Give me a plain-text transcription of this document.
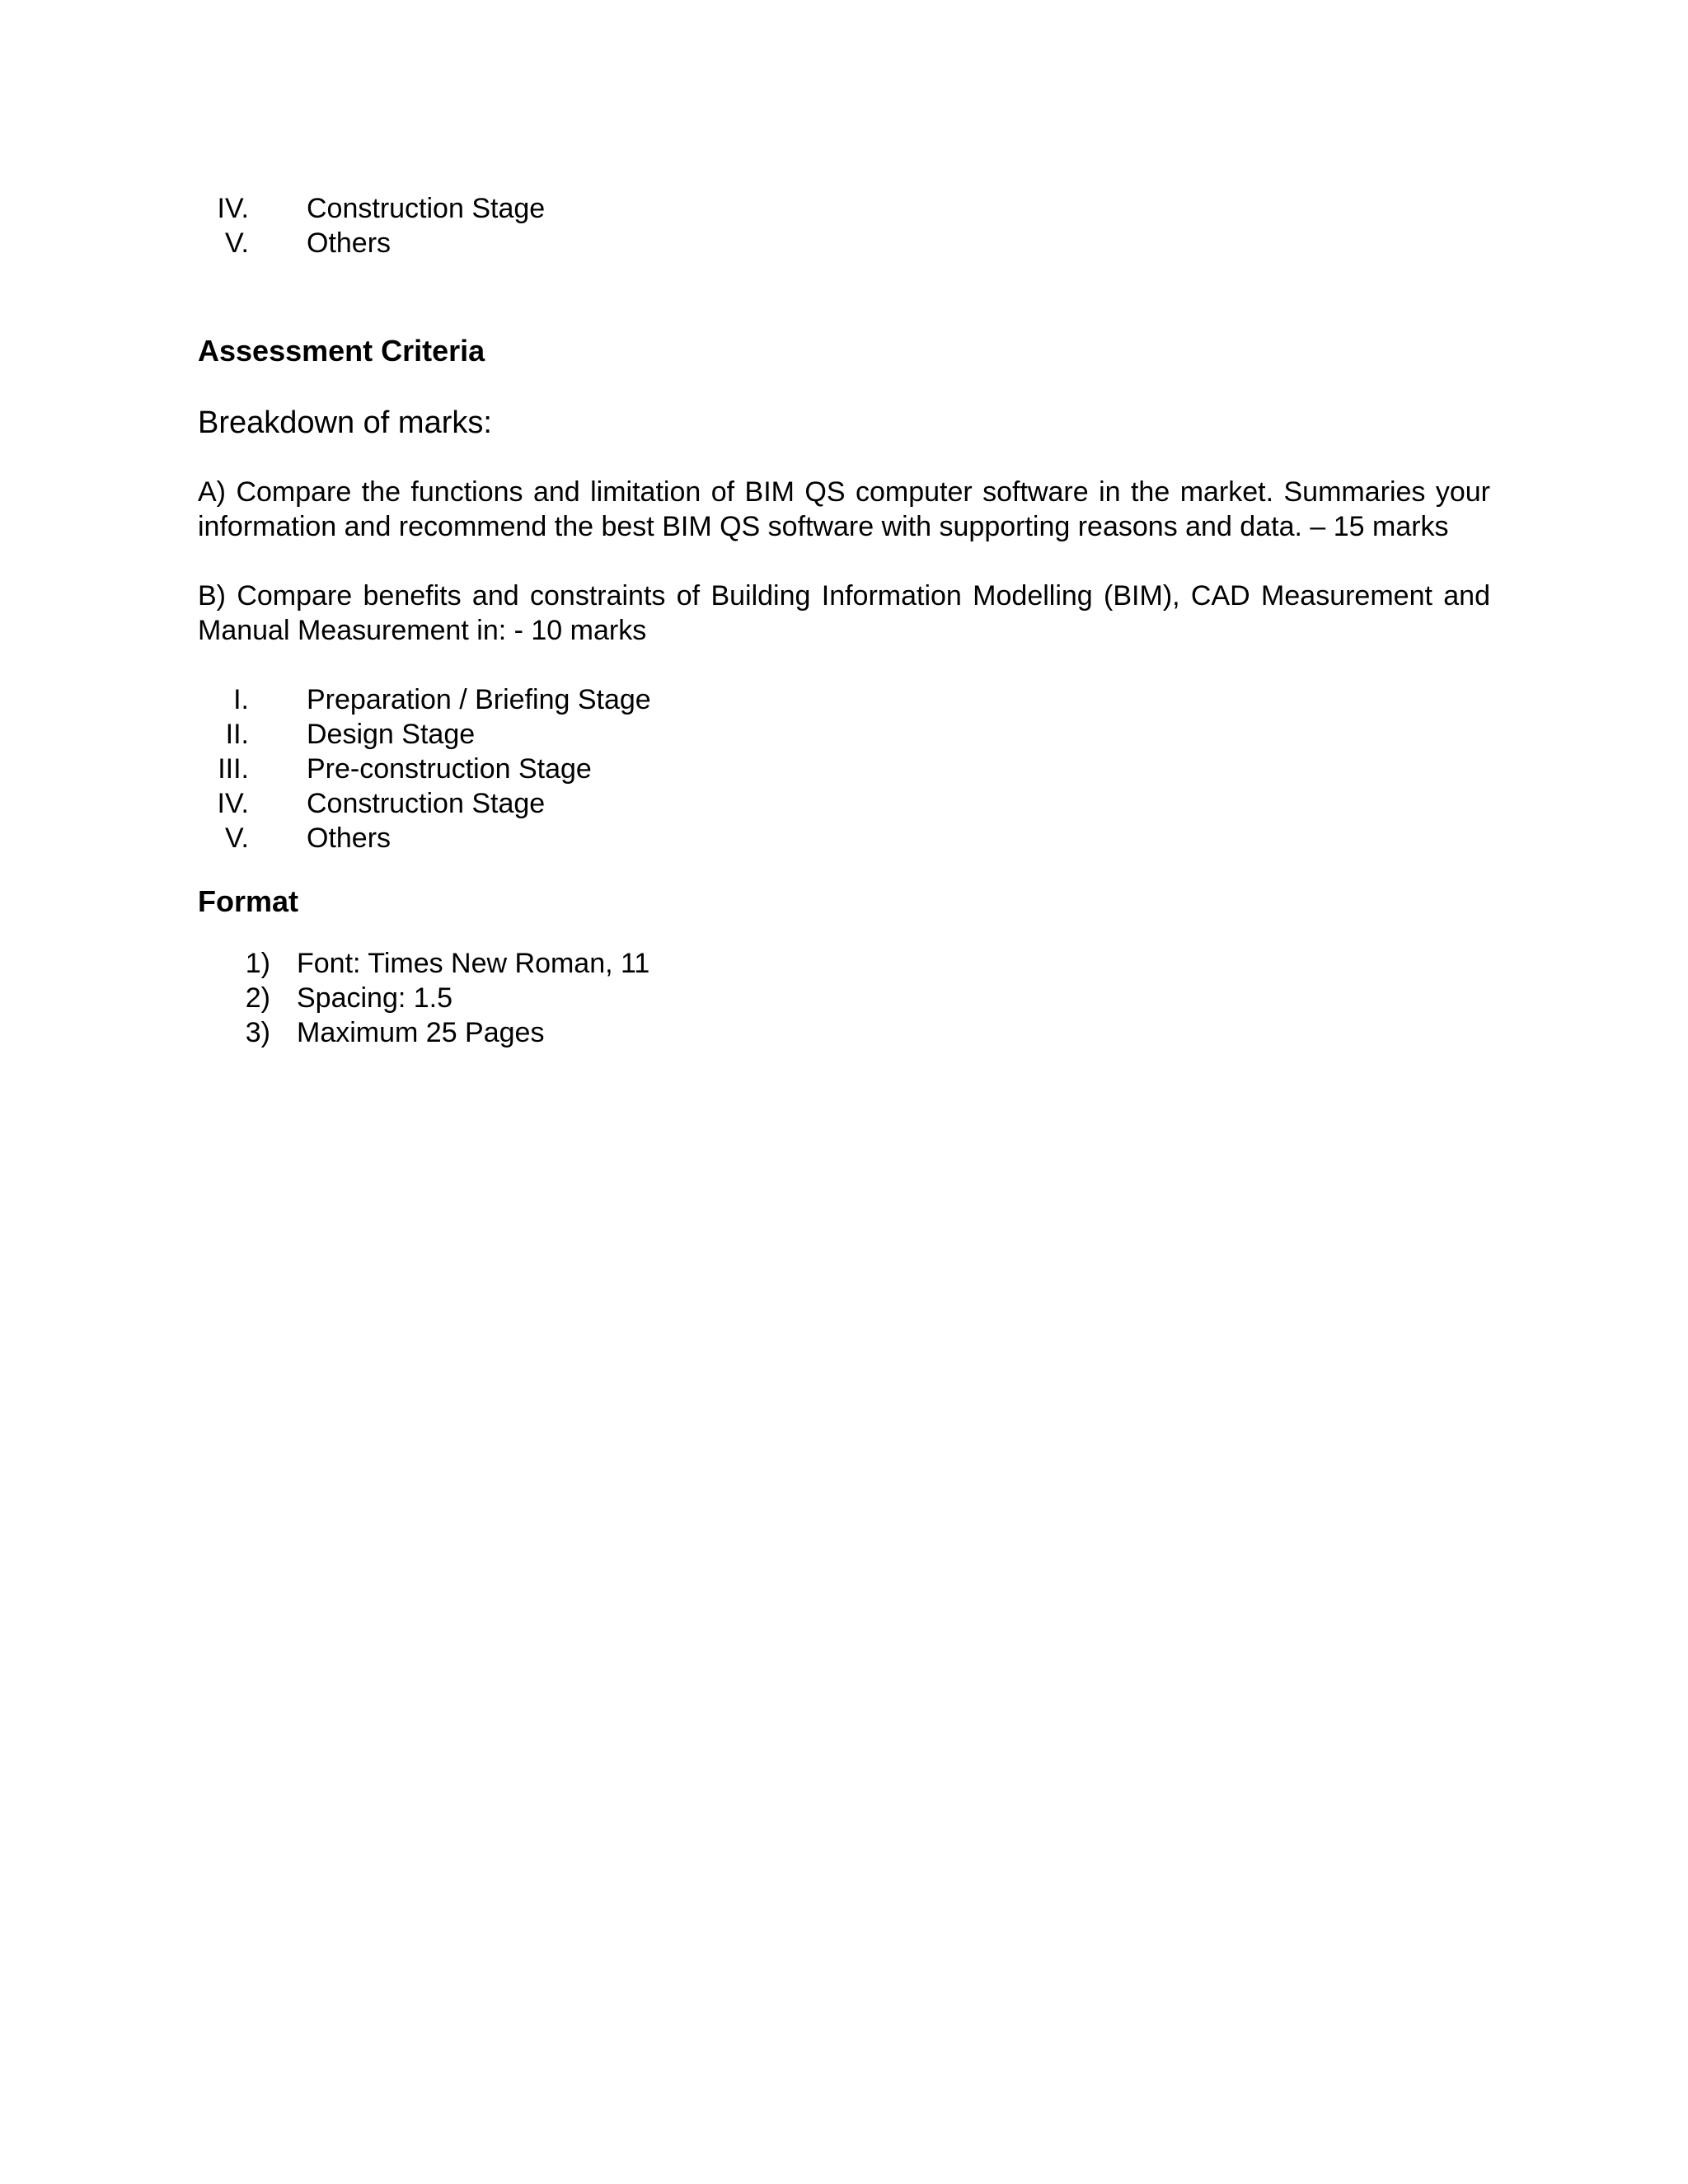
IV. Construction Stage
V. Others
Assessment Criteria

Breakdown of marks:

A) Compare the functions and limitation of BIM QS computer software in the market. Summaries your information and recommend the best BIM QS software with supporting reasons and data. – 15 marks

B) Compare benefits and constraints of Building Information Modelling (BIM), CAD Measurement and Manual Measurement in: - 10 marks

I. Preparation / Briefing Stage
II. Design Stage
III. Pre-construction Stage
IV. Construction Stage
V. Others
Format
1) Font: Times New Roman, 11
2) Spacing: 1.5
3) Maximum 25 Pages
